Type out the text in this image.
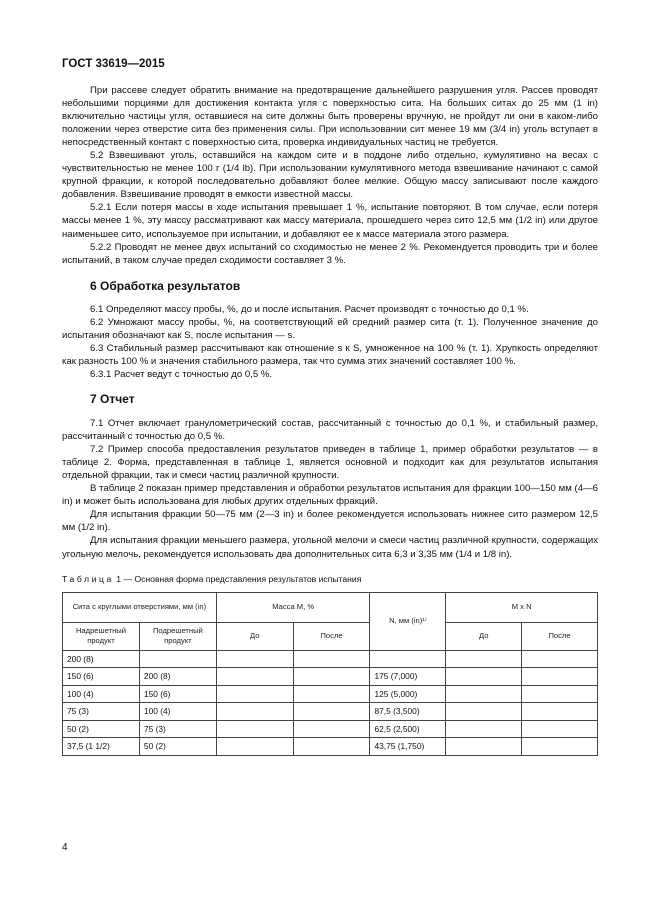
ГОСТ 33619—2015

При рассеве следует обратить внимание на предотвращение дальнейшего разрушения угля. Рассев проводят небольшими порциями для достижения контакта угля с поверхностью сита. На больших ситах до 25 мм (1 in) включительно частицы угля, оставшиеся на сите должны быть проверены вручную, не пройдут ли они в каком-либо положении через отверстие сита без применения силы. При использовании сит менее 19 мм (3/4 in) уголь вступает в непосредственный контакт с поверхностью сита, проверка индивидуальных частиц не требуется.

5.2 Взвешивают уголь, оставшийся на каждом сите и в поддоне либо отдельно, кумулятивно на весах с чувствительностью не менее 100 г (1/4 lb). При использовании кумулятивного метода взвешивание начинают с самой крупной фракции, к которой последовательно добавляют более мелкие. Общую массу записывают после каждого добавления. Взвешивание проводят в емкости известной массы.

5.2.1 Если потеря массы в ходе испытания превышает 1 %, испытание повторяют. В том случае, если потеря массы менее 1 %, эту массу рассматривают как массу материала, прошедшего через сито 12,5 мм (1/2 in) или другое наименьшее сито, используемое при испытании, и добавляют ее к массе материала этого размера.

5.2.2 Проводят не менее двух испытаний со сходимостью не менее 2 %. Рекомендуется проводить три и более испытаний, в таком случае предел сходимости составляет 3 %.

6 Обработка результатов

6.1 Определяют массу пробы, %, до и после испытания. Расчет производят с точностью до 0,1 %.

6.2 Умножают массу пробы, %, на соответствующий ей средний размер сита (т. 1). Полученное значение до испытания обозначают как S, после испытания — s.

6.3 Стабильный размер рассчитывают как отношение s к S, умноженное на 100 % (т. 1). Хрупкость определяют как разность 100 % и значения стабильного размера, так что сумма этих значений составляет 100 %.

6.3.1 Расчет ведут с точностью до 0,5 %.

7 Отчет

7.1 Отчет включает гранулометрический состав, рассчитанный с точностью до 0,1 %, и стабильный размер, рассчитанный с точностью до 0,5 %.

7.2 Пример способа предоставления результатов приведен в таблице 1, пример обработки результатов — в таблице 2. Форма, представленная в таблице 1, является основной и подходит как для результатов испытания отдельной фракции, так и смеси частиц различной крупности.

В таблице 2 показан пример представления и обработки результатов испытания для фракции 100—150 мм (4—6 in) и может быть использована для любых других отдельных фракций.

Для испытания фракции 50—75 мм (2—3 in) и более рекомендуется использовать нижнее сито размером 12,5 мм (1/2 in).

Для испытания фракции меньшего размера, угольной мелочи и смеси частиц различной крупности, содержащих угольную мелочь, рекомендуется использовать два дополнительных сита 6,3 и 3,35 мм (1/4 и 1/8 in).

Таблица 1 — Основная форма представления результатов испытания
Сита с круглыми отверстиями, мм (in)		Масса М, %		N, мм (in)¹⁾	M x N	
Надрешетный продукт	Подрешетный продукт	До	После		До	После
200 (8)						
150 (6)	200 (8)			175 (7,000)		
100 (4)	150 (6)			125 (5,000)		
75 (3)	100 (4)			87,5 (3,500)		
50 (2)	75 (3)			62,5 (2,500)		
37,5 (1 1/2)	50 (2)			43,75 (1,750)		
4
